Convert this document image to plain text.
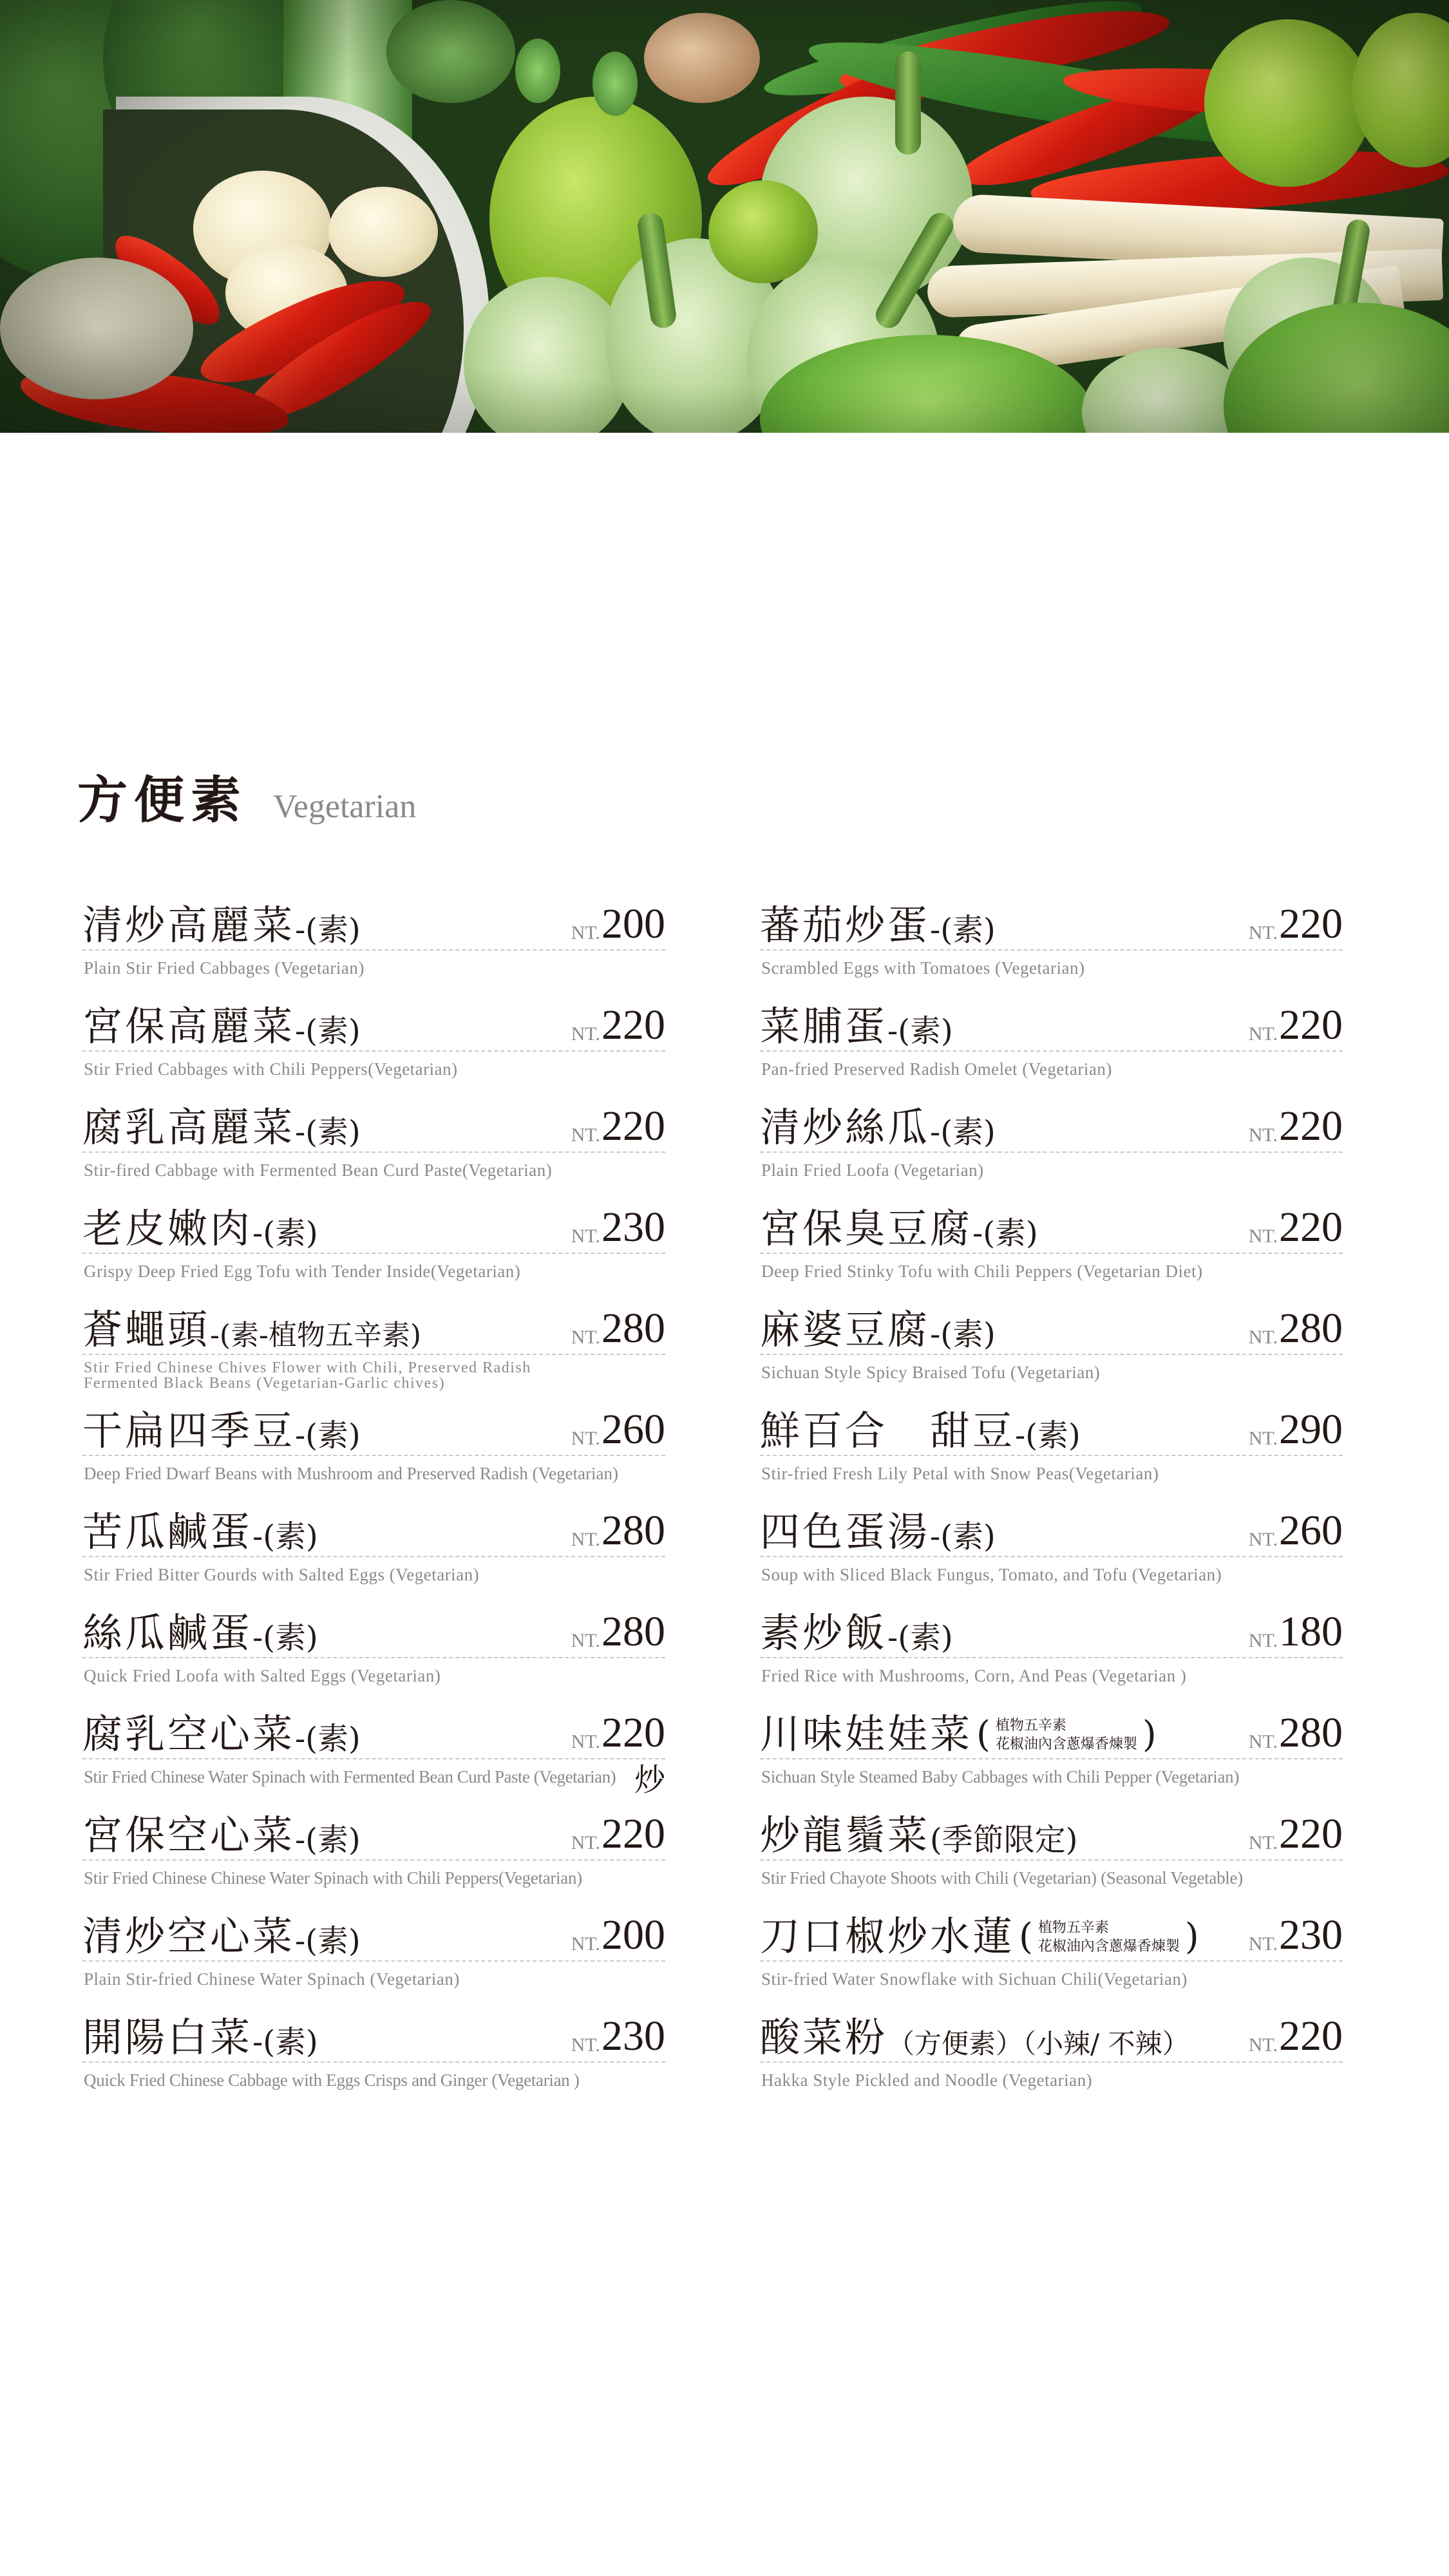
方便素 Vegetarian
清炒高麗菜 -(素)	NT. 200
Plain Stir Fried Cabbages (Vegetarian)
宮保高麗菜 -(素)	NT. 220
Stir Fried Cabbages with Chili Peppers(Vegetarian)
腐乳高麗菜 -(素)	NT. 220
Stir-fired Cabbage with Fermented Bean Curd Paste(Vegetarian)
老皮嫩肉 -(素)	NT. 230
Grispy Deep Fried Egg Tofu with Tender Inside(Vegetarian)
蒼蠅頭 -(素-植物五辛素)	NT. 280
Stir Fried Chinese Chives Flower with Chili, Preserved Radish
Fermented Black Beans (Vegetarian-Garlic chives)
干扁四季豆 -(素)	NT. 260
Deep Fried Dwarf Beans with Mushroom and Preserved Radish (Vegetarian)
苦瓜鹹蛋 -(素)	NT. 280
Stir Fried Bitter Gourds with Salted Eggs (Vegetarian)
絲瓜鹹蛋 -(素)	NT. 280
Quick Fried Loofa with Salted Eggs (Vegetarian)
腐乳空心菜 -(素)	NT. 220
Stir Fried Chinese Water Spinach with Fermented Bean Curd Paste (Vegetarian)
宮保空心菜 -(素)	NT. 220
Stir Fried Chinese Chinese Water Spinach with Chili Peppers(Vegetarian)
清炒空心菜 -(素)	NT. 200
Plain Stir-fried Chinese Water Spinach (Vegetarian)
開陽白菜 -(素)	NT. 230
Quick Fried Chinese Cabbage with Eggs Crisps and Ginger (Vegetarian )
炒
蕃茄炒蛋 -(素)	NT. 220
Scrambled Eggs with Tomatoes (Vegetarian)
菜脯蛋 -(素)	NT. 220
Pan-fried Preserved Radish Omelet (Vegetarian)
清炒絲瓜 -(素)	NT. 220
Plain Fried Loofa (Vegetarian)
宮保臭豆腐 -(素)	NT. 220
Deep Fried Stinky Tofu with Chili Peppers (Vegetarian Diet)
麻婆豆腐 -(素)	NT. 280
Sichuan Style Spicy Braised Tofu (Vegetarian)
鮮百合　甜豆 -(素)	NT. 290
Stir-fried Fresh Lily Petal with Snow Peas(Vegetarian)
四色蛋湯 -(素)	NT. 260
Soup with Sliced Black Fungus, Tomato, and Tofu (Vegetarian)
素炒飯 -(素)	NT. 180
Fried Rice with Mushrooms, Corn, And Peas (Vegetarian )
川味娃娃菜 ( 植物五辛素
花椒油內含蔥爆香煉製 )	NT. 280
Sichuan Style Steamed Baby Cabbages with Chili Pepper (Vegetarian)
炒龍鬚菜 (季節限定)	NT. 220
Stir Fried Chayote Shoots with Chili (Vegetarian) (Seasonal Vegetable)
刀口椒炒水蓮 ( 植物五辛素
花椒油內含蔥爆香煉製 )	NT. 230
Stir-fried Water Snowflake with Sichuan Chili(Vegetarian)
酸菜粉 （方便素）（小辣/ 不辣）	NT. 220
Hakka Style Pickled and Noodle (Vegetarian)
